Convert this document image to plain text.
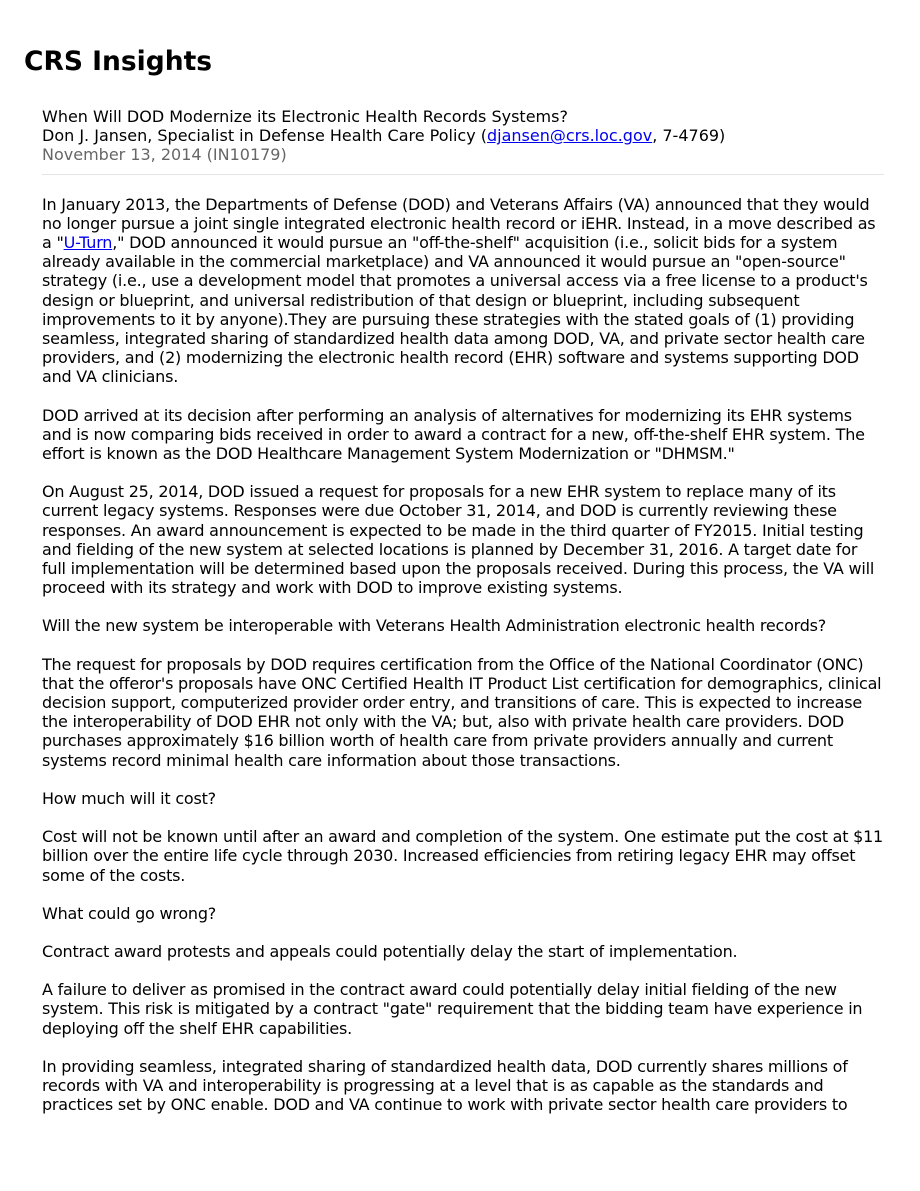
CRS Insights

When Will DOD Modernize its Electronic Health Records Systems?

Don J. Jansen, Specialist in Defense Health Care Policy (djansen@crs.loc.gov, 7-4769)

November 13, 2014 (IN10179)

In January 2013, the Departments of Defense (DOD) and Veterans Affairs (VA) announced that they would no longer pursue a joint single integrated electronic health record or iEHR. Instead, in a move described as a "U-Turn," DOD announced it would pursue an "off-the-shelf" acquisition (i.e., solicit bids for a system already available in the commercial marketplace) and VA announced it would pursue an "open-source" strategy (i.e., use a development model that promotes a universal access via a free license to a product's design or blueprint, and universal redistribution of that design or blueprint, including subsequent improvements to it by anyone).They are pursuing these strategies with the stated goals of (1) providing seamless, integrated sharing of standardized health data among DOD, VA, and private sector health care providers, and (2) modernizing the electronic health record (EHR) software and systems supporting DOD and VA clinicians.

DOD arrived at its decision after performing an analysis of alternatives for modernizing its EHR systems and is now comparing bids received in order to award a contract for a new, off-the-shelf EHR system. The effort is known as the DOD Healthcare Management System Modernization or "DHMSM."

On August 25, 2014, DOD issued a request for proposals for a new EHR system to replace many of its current legacy systems. Responses were due October 31, 2014, and DOD is currently reviewing these responses. An award announcement is expected to be made in the third quarter of FY2015. Initial testing and fielding of the new system at selected locations is planned by December 31, 2016. A target date for full implementation will be determined based upon the proposals received. During this process, the VA will proceed with its strategy and work with DOD to improve existing systems.

Will the new system be interoperable with Veterans Health Administration electronic health records?

The request for proposals by DOD requires certification from the Office of the National Coordinator (ONC) that the offeror's proposals have ONC Certified Health IT Product List certification for demographics, clinical decision support, computerized provider order entry, and transitions of care. This is expected to increase the interoperability of DOD EHR not only with the VA; but, also with private health care providers. DOD purchases approximately $16 billion worth of health care from private providers annually and current systems record minimal health care information about those transactions.

How much will it cost?

Cost will not be known until after an award and completion of the system. One estimate put the cost at $11 billion over the entire life cycle through 2030. Increased efficiencies from retiring legacy EHR may offset some of the costs.

What could go wrong?

Contract award protests and appeals could potentially delay the start of implementation.

A failure to deliver as promised in the contract award could potentially delay initial fielding of the new system. This risk is mitigated by a contract "gate" requirement that the bidding team have experience in deploying off the shelf EHR capabilities.

In providing seamless, integrated sharing of standardized health data, DOD currently shares millions of records with VA and interoperability is progressing at a level that is as capable as the standards and practices set by ONC enable. DOD and VA continue to work with private sector health care providers to
